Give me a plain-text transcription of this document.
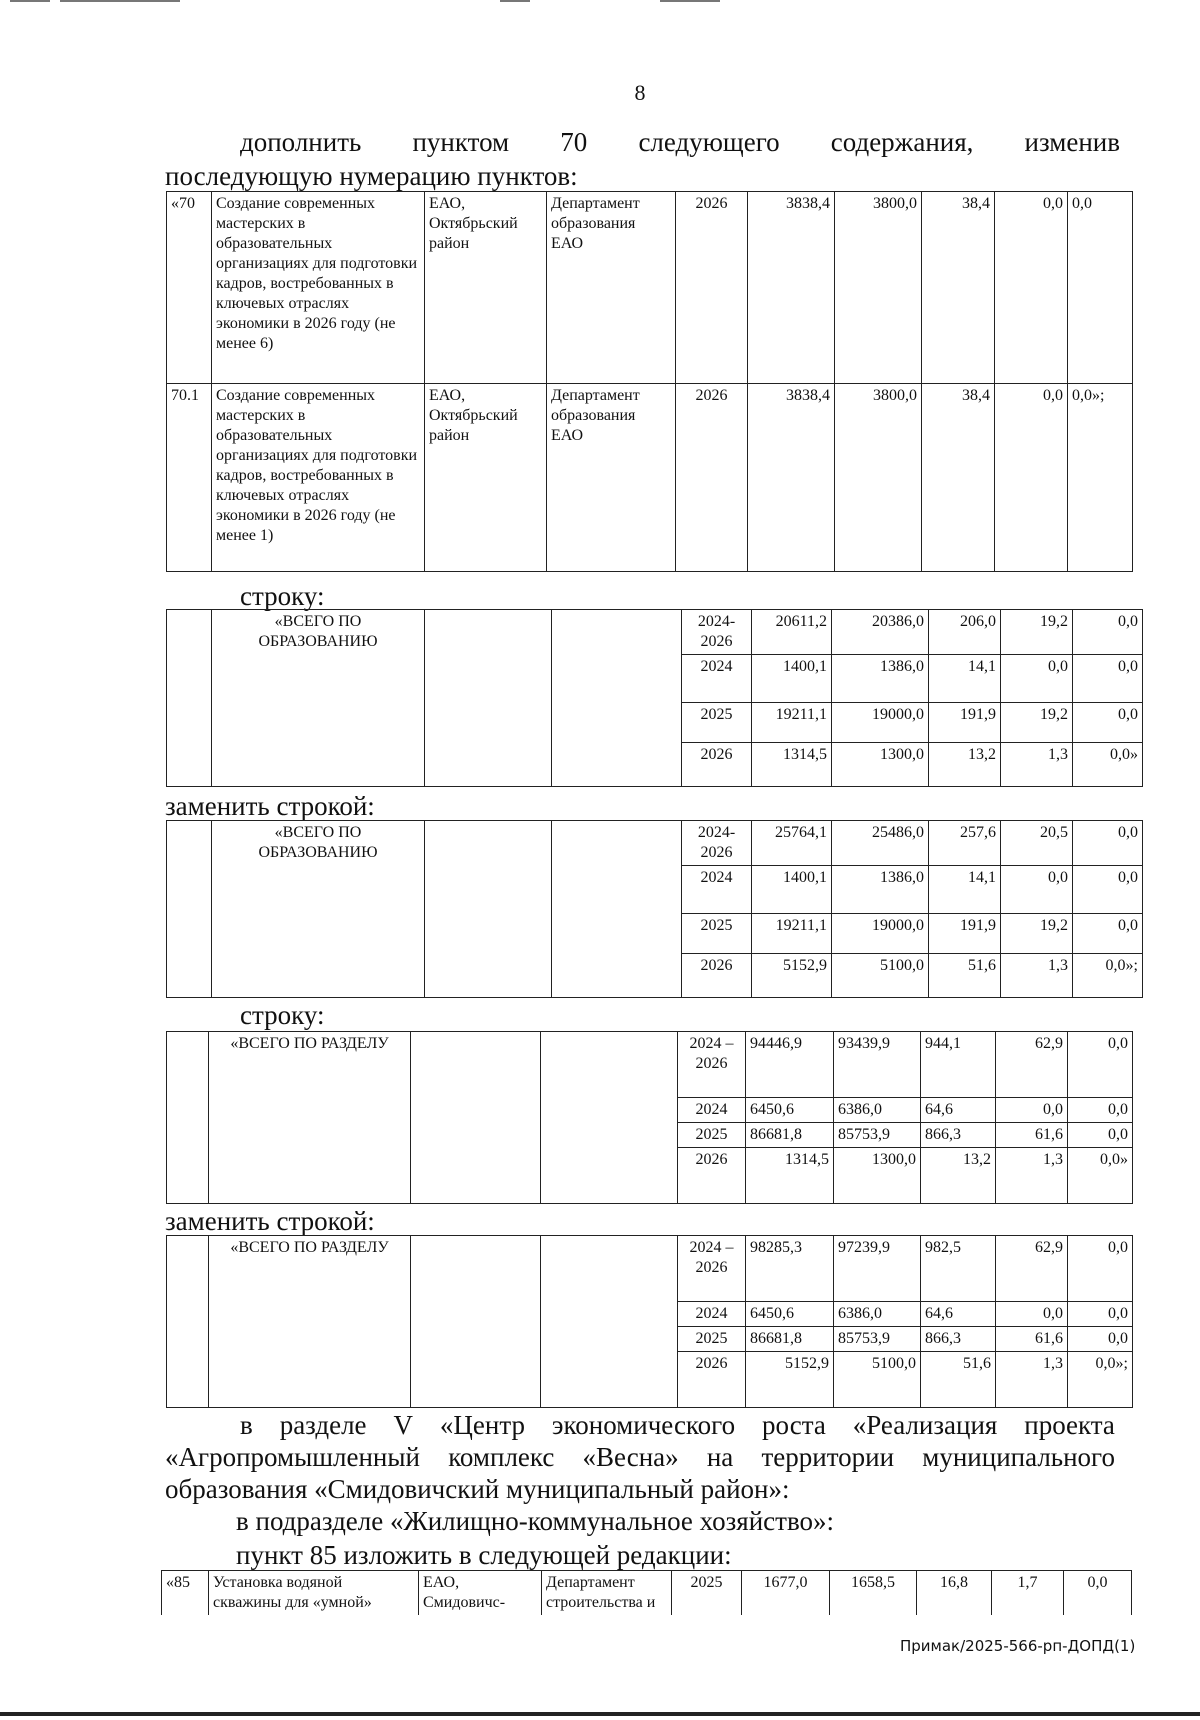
8
дополнить пунктом 70 следующего содержания, изменив
последующую нумерацию пунктов:
«70	Создание современных мастерских в образовательных организациях для подготовки кадров, востребованных в ключевых отраслях экономики в 2026 году (не менее 6)	ЕАО, Октябрьский район	Департамент образования ЕАО	2026	3838,4	3800,0	38,4	0,0	0,0
70.1	Создание современных мастерских в образовательных организациях для подготовки кадров, востребованных в ключевых отраслях экономики в 2026 году (не менее 1)	ЕАО, Октябрьский район	Департамент образования ЕАО	2026	3838,4	3800,0	38,4	0,0	0,0»;
строку:
	«ВСЕГО ПО ОБРАЗОВАНИЮ			2024-2026	20611,2	20386,0	206,0	19,2	0,0
				2024	1400,1	1386,0	14,1	0,0	0,0
				2025	19211,1	19000,0	191,9	19,2	0,0
				2026	1314,5	1300,0	13,2	1,3	0,0»
заменить строкой:
	«ВСЕГО ПО ОБРАЗОВАНИЮ			2024-2026	25764,1	25486,0	257,6	20,5	0,0
				2024	1400,1	1386,0	14,1	0,0	0,0
				2025	19211,1	19000,0	191,9	19,2	0,0
				2026	5152,9	5100,0	51,6	1,3	0,0»;
строку:
	«ВСЕГО ПО РАЗДЕЛУ			2024 – 2026	94446,9	93439,9	944,1	62,9	0,0
				2024	6450,6	6386,0	64,6	0,0	0,0
				2025	86681,8	85753,9	866,3	61,6	0,0
				2026	1314,5	1300,0	13,2	1,3	0,0»
заменить строкой:
	«ВСЕГО ПО РАЗДЕЛУ			2024 – 2026	98285,3	97239,9	982,5	62,9	0,0
				2024	6450,6	6386,0	64,6	0,0	0,0
				2025	86681,8	85753,9	866,3	61,6	0,0
				2026	5152,9	5100,0	51,6	1,3	0,0»;
в разделе V «Центр экономического роста «Реализация проекта
«Агропромышленный комплекс «Весна» на территории муниципального
образования «Смидовичский муниципальный район»:
в подразделе «Жилищно-коммунальное хозяйство»:
пункт 85 изложить в следующей редакции:
«85	Установка водяной скважины для «умной»	ЕАО, Смидовичс-	Департамент строительства и	2025	1677,0	1658,5	16,8	1,7	0,0
Примак/2025-566-рп-ДОПД(1)
